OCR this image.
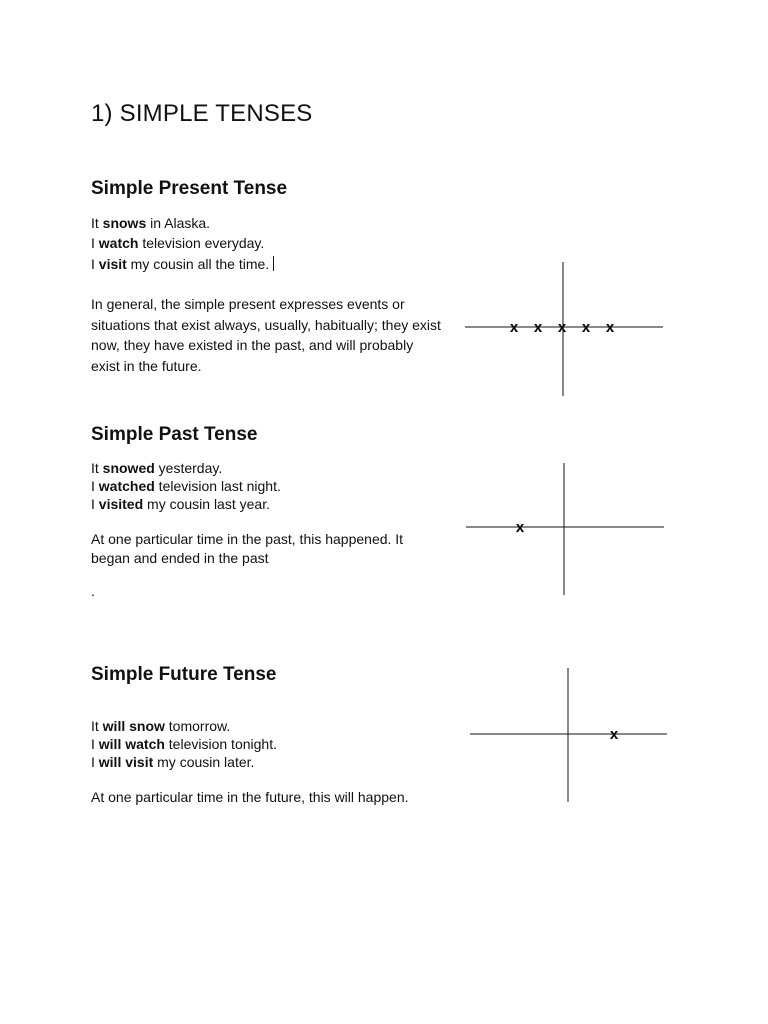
1) SIMPLE TENSES
Simple Present Tense
It snows in Alaska.
I watch television everyday.
I visit my cousin all the time.
In general, the simple present expresses events or situations that exist always, usually, habitually; they exist now, they have existed in the past, and will probably exist in the future.
x x x x x
Simple Past Tense
It snowed yesterday.
I watched television last night.
I visited my cousin last year.
At one particular time in the past, this happened. It began and ended in the past
.
x
Simple Future Tense
It will snow tomorrow.
I will watch television tonight.
I will visit my cousin later.
At one particular time in the future, this will happen.
x
